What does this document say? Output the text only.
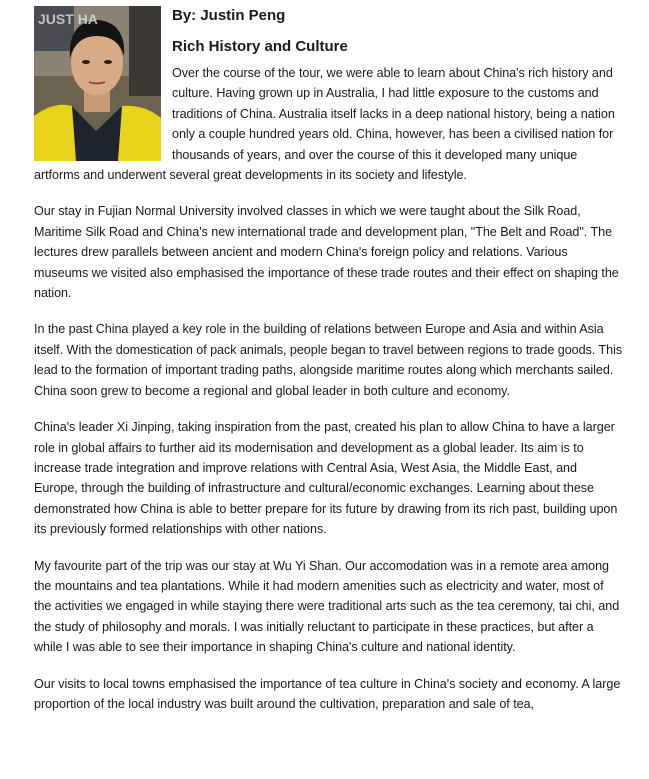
JUST HA	By: Justin Peng
Rich History and Culture

Over the course of the tour, we were able to learn about China's rich history and culture. Having grown up in Australia, I had little exposure to the customs and traditions of China. Australia itself lacks in a deep national history, being a nation only a couple hundred years old. China, however, has been a civilised nation for thousands of years, and over the course of this it developed many unique artforms and underwent several great developments in its society and lifestyle.

Our stay in Fujian Normal University involved classes in which we were taught about the Silk Road, Maritime Silk Road and China's new international trade and development plan, "The Belt and Road". The lectures drew parallels between ancient and modern China's foreign policy and relations. Various museums we visited also emphasised the importance of these trade routes and their effect on shaping the nation.

In the past China played a key role in the building of relations between Europe and Asia and within Asia itself. With the domestication of pack animals, people began to travel between regions to trade goods. This lead to the formation of important trading paths, alongside maritime routes along which merchants sailed. China soon grew to become a regional and global leader in both culture and economy.

China's leader Xi Jinping, taking inspiration from the past, created his plan to allow China to have a larger role in global affairs to further aid its modernisation and development as a global leader. Its aim is to increase trade integration and improve relations with Central Asia, West Asia, the Middle East, and Europe, through the building of infrastructure and cultural/economic exchanges. Learning about these demonstrated how China is able to better prepare for its future by drawing from its rich past, building upon its previously formed relationships with other nations.

My favourite part of the trip was our stay at Wu Yi Shan. Our accomodation was in a remote area among the mountains and tea plantations. While it had modern amenities such as electricity and water, most of the activities we engaged in while staying there were traditional arts such as the tea ceremony, tai chi, and the study of philosophy and morals. I was initially reluctant to participate in these practices, but after a while I was able to see their importance in shaping China's culture and national identity.

Our visits to local towns emphasised the importance of tea culture in China's society and economy. A large proportion of the local industry was built around the cultivation, preparation and sale of tea,
